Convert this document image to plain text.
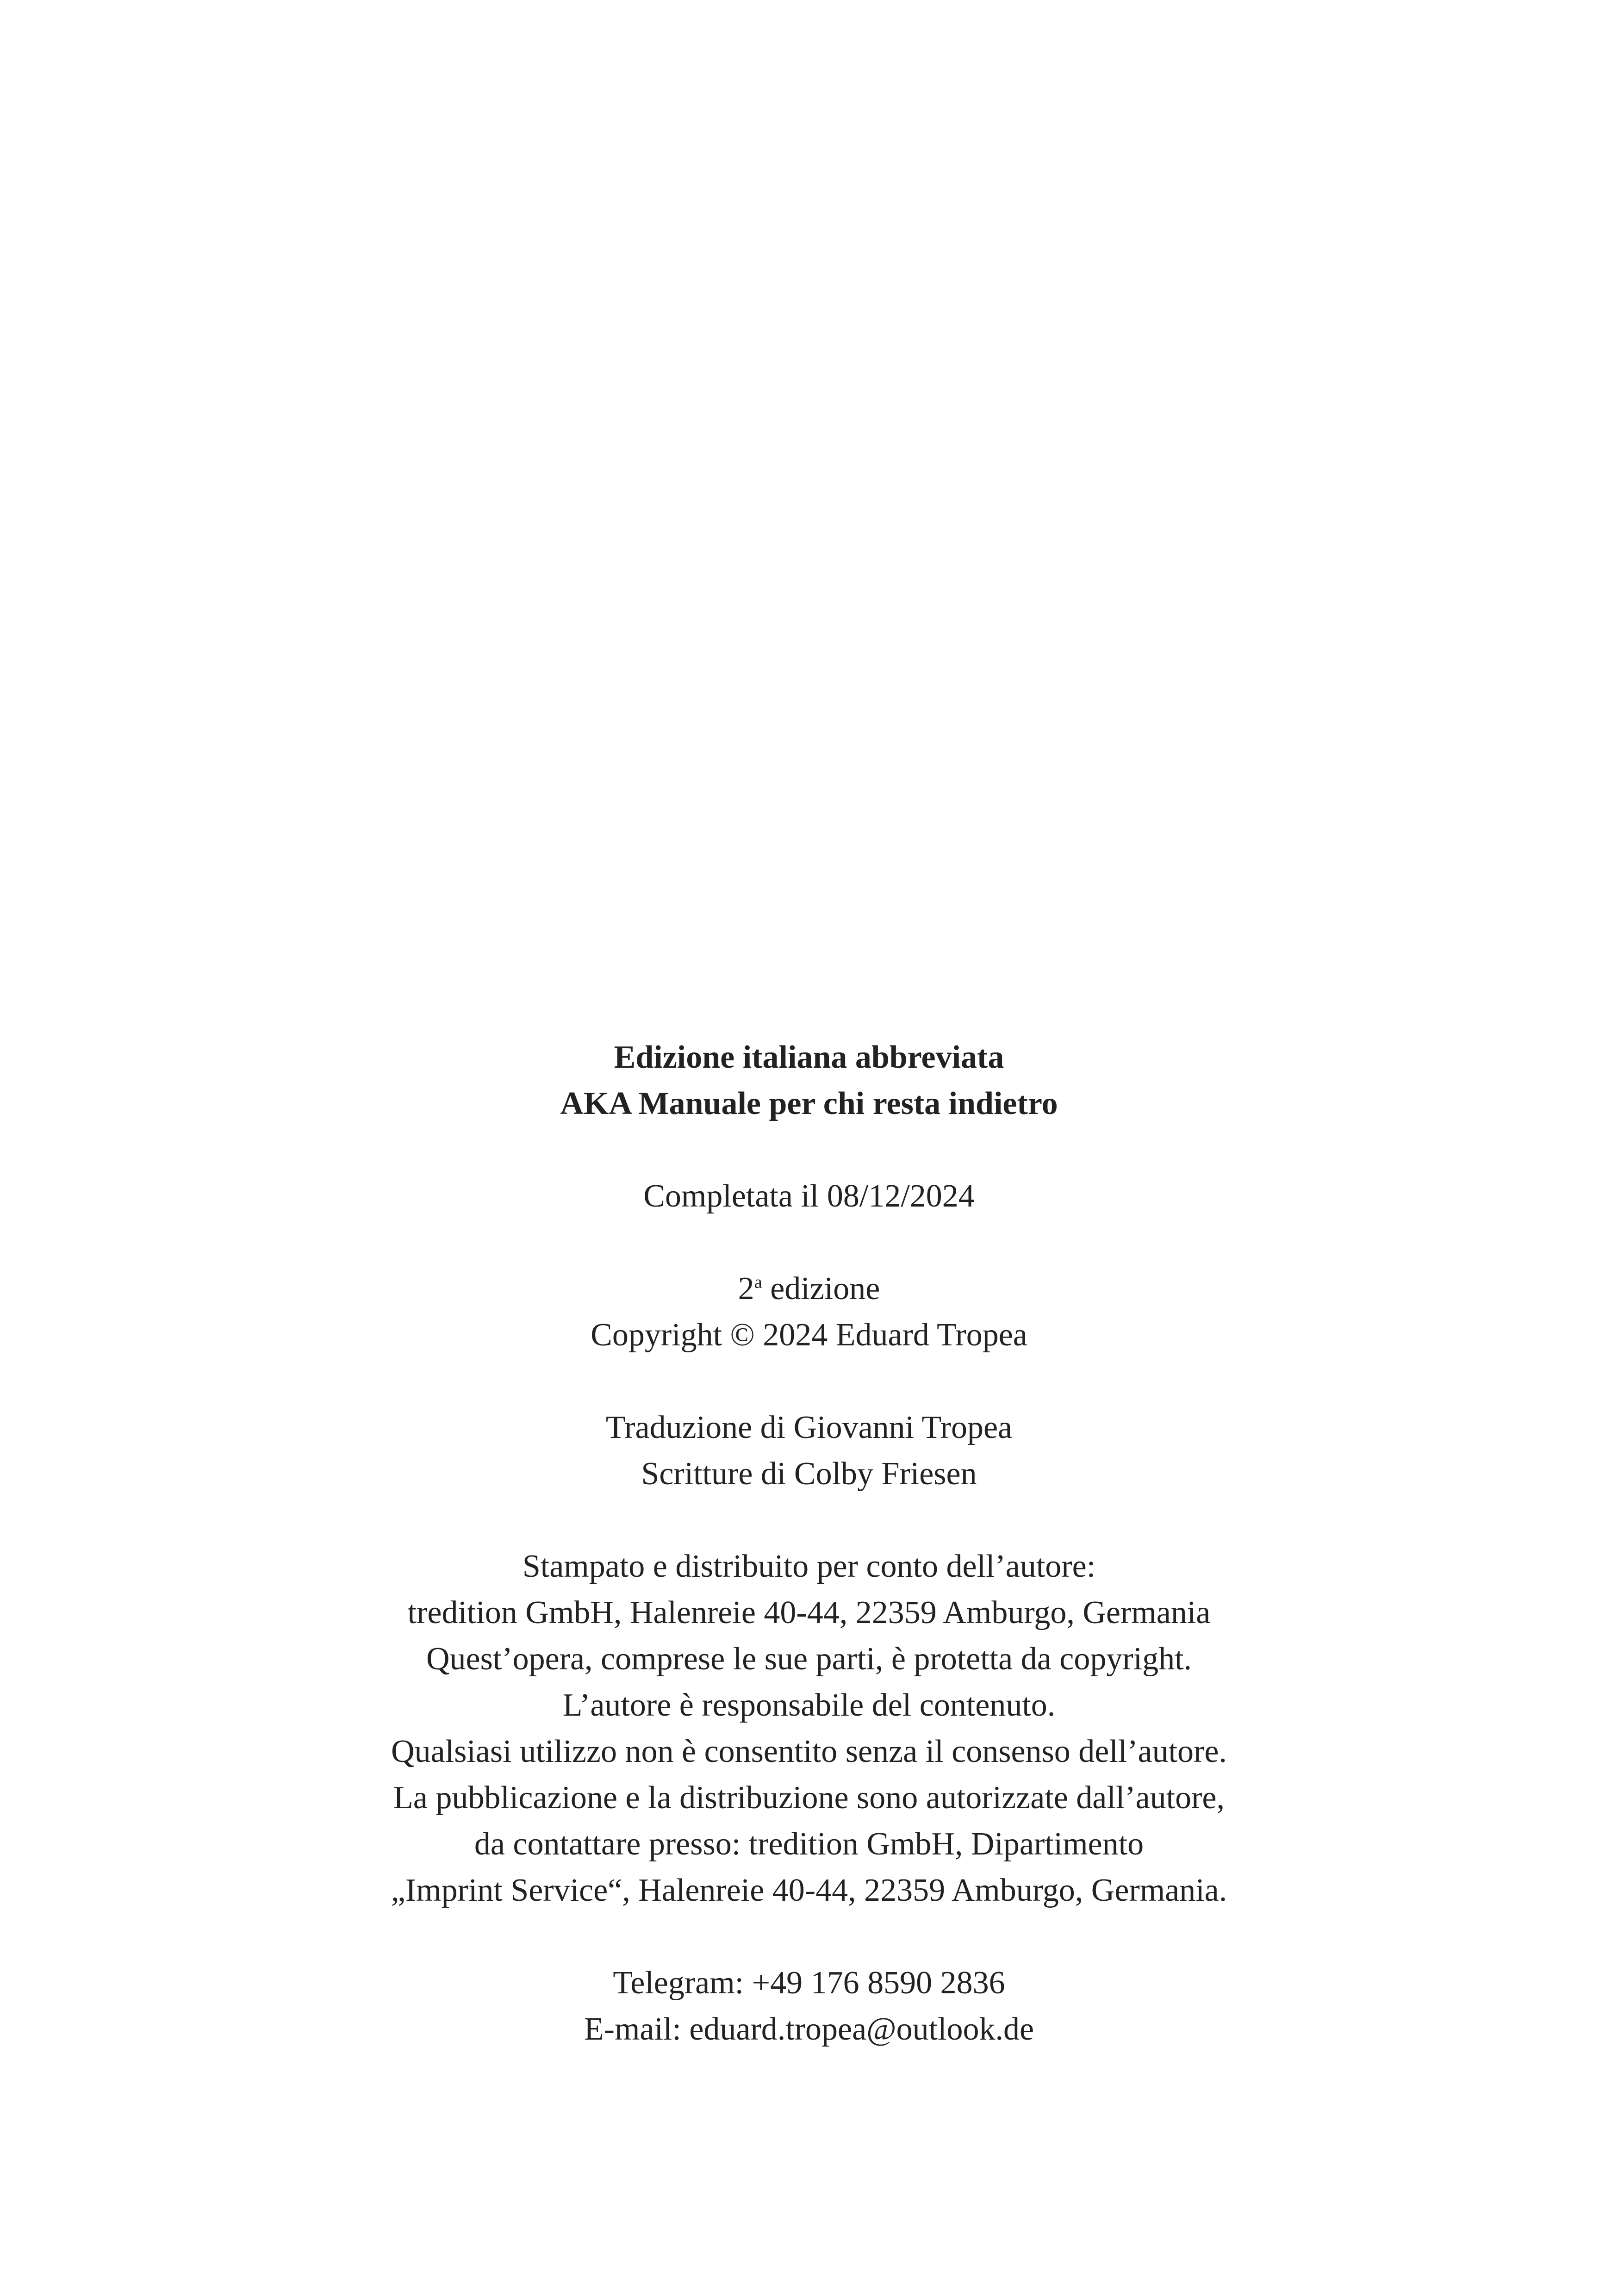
Edizione italiana abbreviata
AKA Manuale per chi resta indietro
Completata il 08/12/2024
2$^a$ edizione
Copyright © 2024 Eduard Tropea
Traduzione di Giovanni Tropea
Scritture di Colby Friesen
Stampato e distribuito per conto dell’autore:
tredition GmbH, Halenreie 40-44, 22359 Amburgo, Germania
Quest’opera, comprese le sue parti, è protetta da copyright.
L’autore è responsabile del contenuto.
Qualsiasi utilizzo non è consentito senza il consenso dell’autore.
La pubblicazione e la distribuzione sono autorizzate dall’autore,
da contattare presso: tredition GmbH, Dipartimento
„Imprint Service“, Halenreie 40-44, 22359 Amburgo, Germania.
Telegram: +49 176 8590 2836
E-mail: eduard.tropea@outlook.de
